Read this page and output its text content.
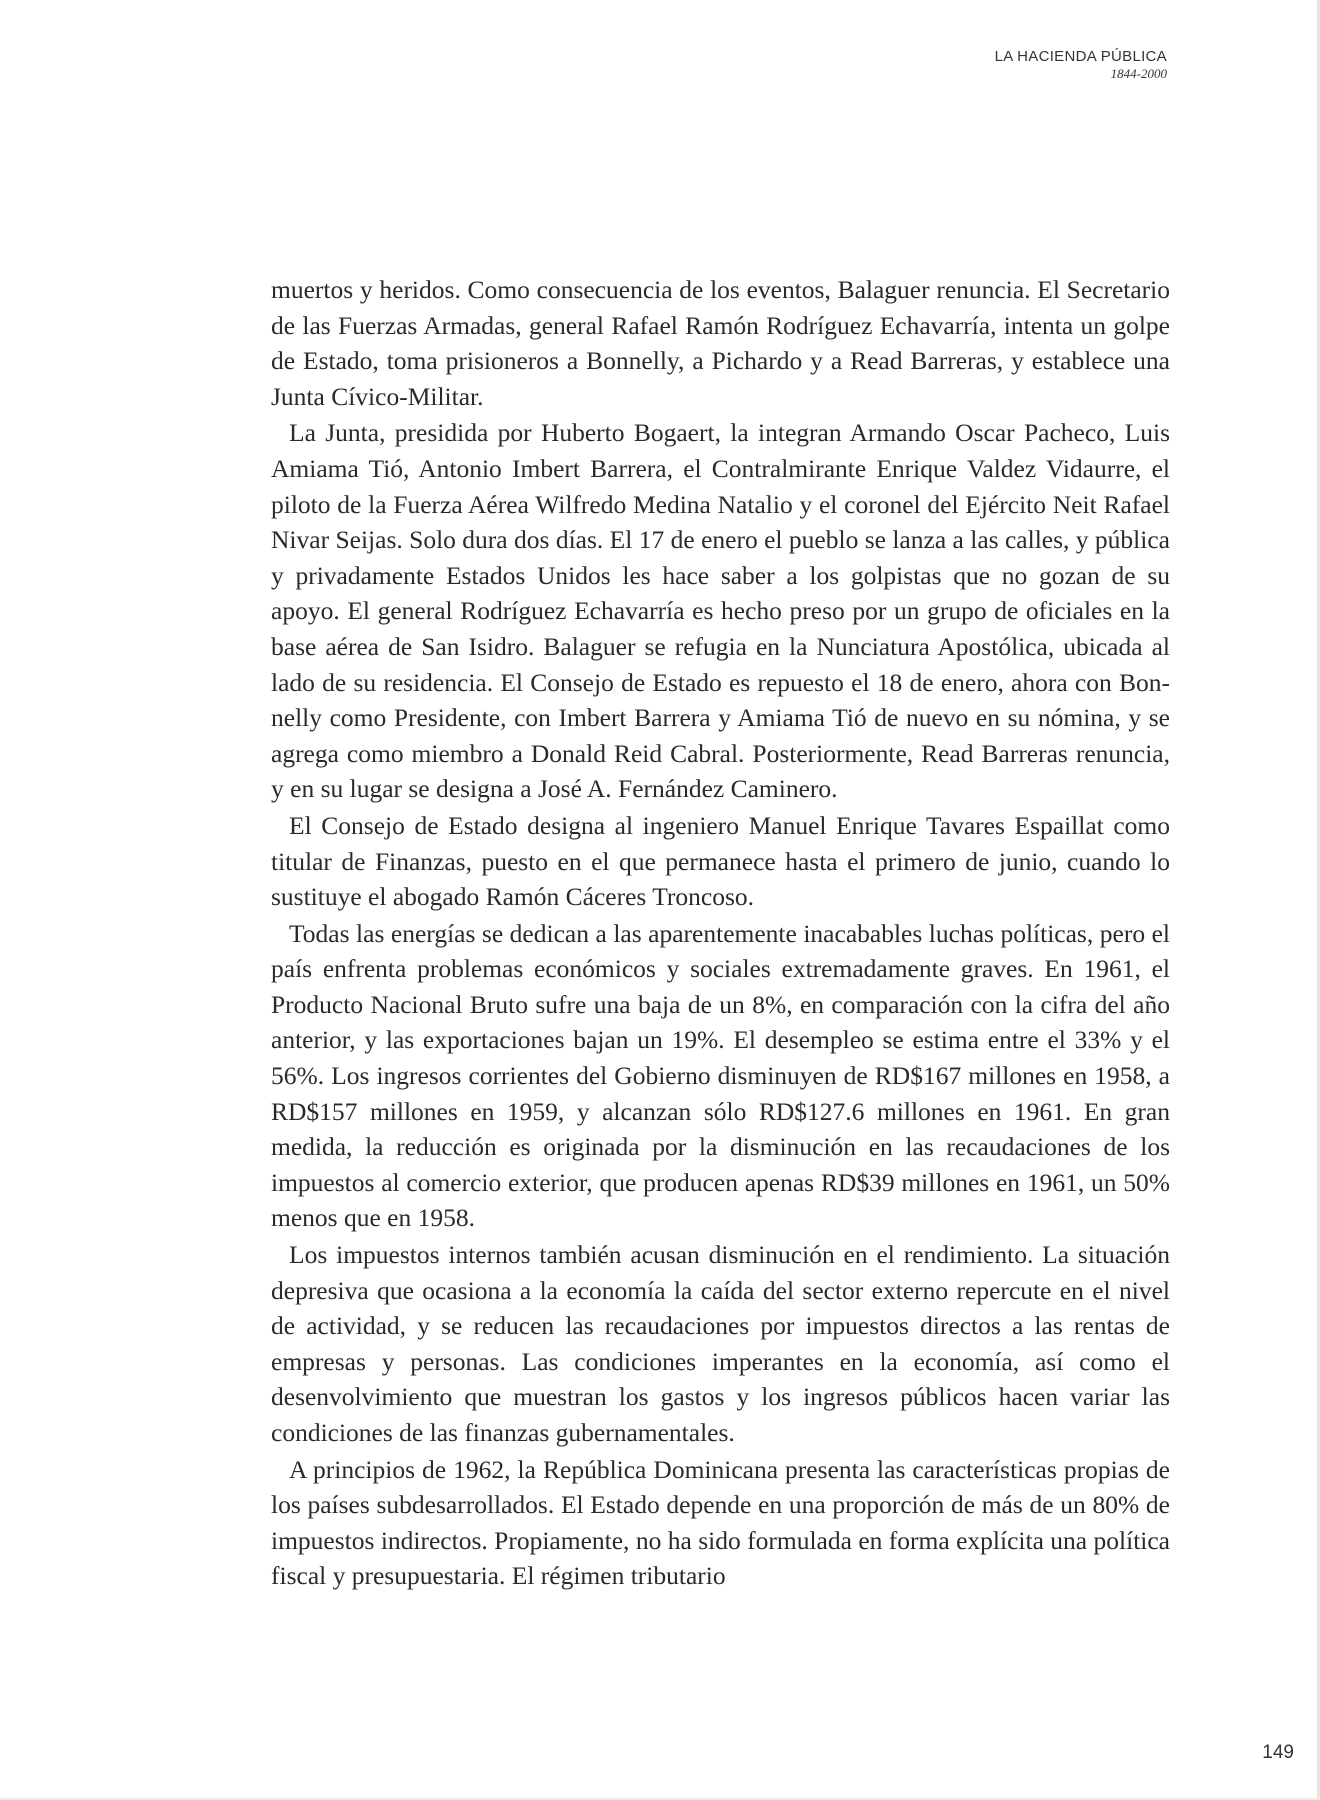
LA HACIENDA PÚBLICA
1844-2000

muertos y heridos. Como consecuencia de los eventos, Balaguer renuncia. El Secretario de las Fuerzas Armadas, general Rafael Ramón Rodríguez Echavarría, intenta un golpe de Estado, toma prisioneros a Bonnelly, a Pichardo y a Read Barreras, y establece una Junta Cívico-Militar.

La Junta, presidida por Huberto Bogaert, la integran Armando Oscar Pacheco, Luis Amiama Tió, Antonio Imbert Barrera, el Contralmirante Enrique Valdez Vidaurre, el piloto de la Fuerza Aérea Wilfredo Medina Natalio y el coronel del Ejército Neit Rafael Nivar Seijas. Solo dura dos días. El 17 de enero el pueblo se lanza a las calles, y pública y privadamente Estados Unidos les hace saber a los golpistas que no gozan de su apoyo. El general Rodríguez Echavarría es hecho preso por un grupo de oficiales en la base aérea de San Isidro. Balaguer se refugia en la Nunciatura Apostólica, ubicada al lado de su residencia. El Consejo de Estado es repuesto el 18 de enero, ahora con Bonnelly como Presidente, con Imbert Barrera y Amiama Tió de nuevo en su nómina, y se agrega como miembro a Donald Reid Cabral. Posteriormente, Read Barreras renuncia, y en su lugar se designa a José A. Fernández Caminero.

El Consejo de Estado designa al ingeniero Manuel Enrique Tavares Espaillat como titular de Finanzas, puesto en el que permanece hasta el primero de junio, cuando lo sustituye el abogado Ramón Cáceres Troncoso.

Todas las energías se dedican a las aparentemente inacabables luchas políticas, pero el país enfrenta problemas económicos y sociales extremadamente graves. En 1961, el Producto Nacional Bruto sufre una baja de un 8%, en comparación con la cifra del año anterior, y las exportaciones bajan un 19%. El desempleo se estima entre el 33% y el 56%. Los ingresos corrientes del Gobierno disminuyen de RD$167 millones en 1958, a RD$157 millones en 1959, y alcanzan sólo RD$127.6 millones en 1961. En gran medida, la reducción es originada por la disminución en las recaudaciones de los impuestos al comercio exterior, que producen apenas RD$39 millones en 1961, un 50% menos que en 1958.

Los impuestos internos también acusan disminución en el rendimiento. La situación depresiva que ocasiona a la economía la caída del sector externo repercute en el nivel de actividad, y se reducen las recaudaciones por impuestos directos a las rentas de empresas y personas. Las condiciones imperantes en la economía, así como el desenvolvimiento que muestran los gastos y los ingresos públicos hacen variar las condiciones de las finanzas gubernamentales.

A principios de 1962, la República Dominicana presenta las características propias de los países subdesarrollados. El Estado depende en una proporción de más de un 80% de impuestos indirectos. Propiamente, no ha sido formulada en forma explícita una política fiscal y presupuestaria. El régimen tributario

149
